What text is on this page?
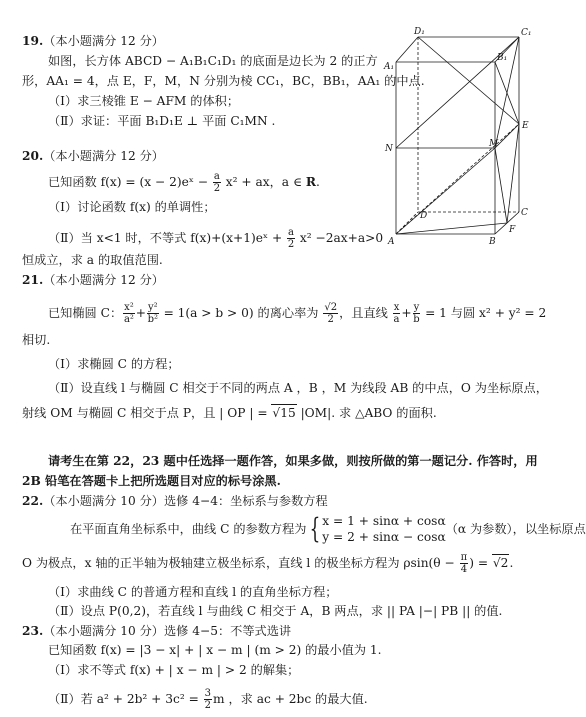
19.（本小题满分 12 分）
如图，长方体 ABCD − A₁B₁C₁D₁ 的底面是边长为 2 的正方
形，AA₁ = 4，点 E，F，M，N 分别为棱 CC₁，BC，BB₁，AA₁ 的中点.
（Ⅰ）求三棱锥 E − AFM 的体积；
（Ⅱ）求证：平面 B₁D₁E ⊥ 平面 C₁MN .
D₁	C₁
A₁
B₁
E
N	M
D	C
F
A	B
20.（本小题满分 12 分）
已知函数 f(x) = (x − 2)eˣ − $\frac{a}{2} x^2$ + ax，a ∈ R.
（Ⅰ）讨论函数 f(x) 的单调性；
（Ⅱ）当 x<1 时，不等式 f(x)+(x+1)eˣ + $\frac{a}{2} x^2 -2ax+a>0$
恒成立，求 a 的取值范围.
21.（本小题满分 12 分）
已知椭圆 C： $\frac{\text{x²}}{\text{a²}} + \frac{\text{y²}}{\text{b²}} = 1(a > b > 0)$ 的离心率为 $\frac{√2}{2}$ ，且直线 $\frac{x}{a} + \frac{y}{b} = 1$ 与圆 x² + y² = 2
相切.
（Ⅰ）求椭圆 C 的方程；
（Ⅱ）设直线 l 与椭圆 C 相交于不同的两点 A ，B ，M 为线段 AB 的中点，O 为坐标原点，
射线 OM 与椭圆 C 相交于点 P，且 | OP | = √15 |OM|. 求 △ABO 的面积.
请考生在第 22，23 题中任选择一题作答，如果多做，则按所做的第一题记分. 作答时，用
2B 铅笔在答题卡上把所选题目对应的标号涂黑.
22.（本小题满分 10 分）选修 4−4：坐标系与参数方程
在平面直角坐标系中，曲线 C 的参数方程为 { x = 1 + sinα + cosα
y = 2 + sinα − cosα
（α 为参数），以坐标原点
O 为极点，x 轴的正半轴为极轴建立极坐标系，直线 l 的极坐标方程为 $\rho\sin(\theta - \frac{\pi}{4}$ ) = √2.
（Ⅰ）求曲线 C 的普通方程和直线 l 的直角坐标方程；
（Ⅱ）设点 P(0,2)，若直线 l 与曲线 C 相交于 A，B 两点，求 || PA |−| PB || 的值.
23.（本小题满分 10 分）选修 4−5：不等式选讲
已知函数 f(x) = |3 − x| + | x − m | (m > 2) 的最小值为 1.
（Ⅰ）求不等式 f(x) + | x − m | > 2 的解集；
（Ⅱ）若 $a^2 + 2b^2 + 3c^2 = \frac{3}{2}$ m ，求 ac + 2bc 的最大值.
